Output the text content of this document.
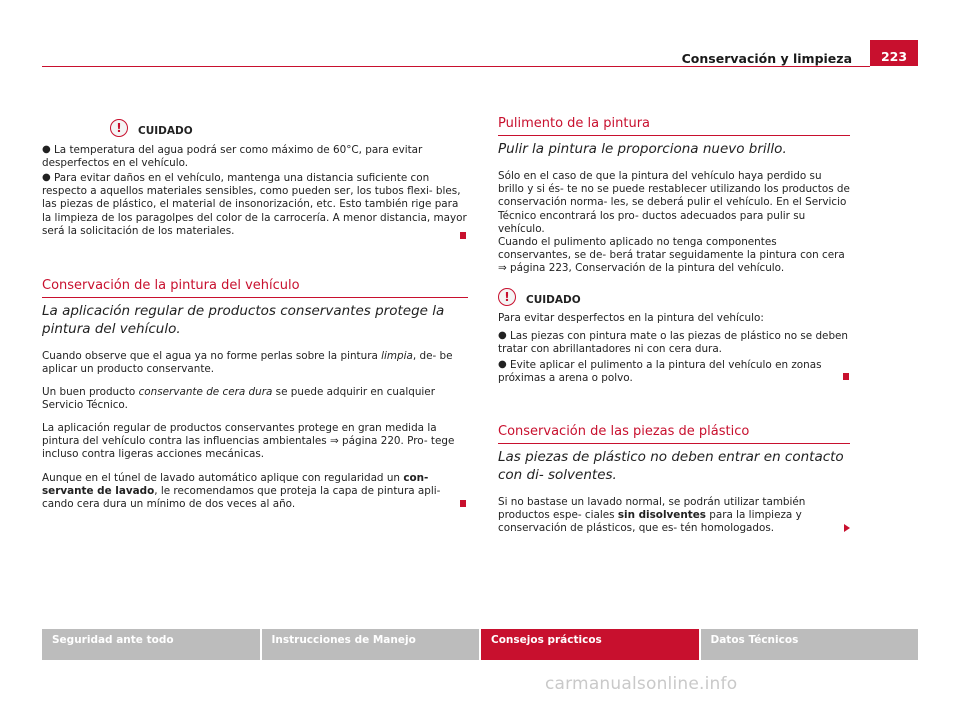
Conservación y limpieza	223
!	CUIDADO
● La temperatura del agua podrá ser como máximo de 60°C, para evitar desperfectos en el vehículo.

● Para evitar daños en el vehículo, mantenga una distancia suficiente con respecto a aquellos materiales sensibles, como pueden ser, los tubos flexi- bles, las piezas de plástico, el material de insonorización, etc. Esto también rige para la limpieza de los paragolpes del color de la carrocería. A menor distancia, mayor será la solicitación de los materiales.

Conservación de la pintura del vehículo
La aplicación regular de productos conservantes protege la pintura del vehículo.

Cuando observe que el agua ya no forme perlas sobre la pintura limpia, de- be aplicar un producto conservante.

Un buen producto conservante de cera dura se puede adquirir en cualquier Servicio Técnico.

La aplicación regular de productos conservantes protege en gran medida la pintura del vehículo contra las influencias ambientales ⇒ página 220. Pro- tege incluso contra ligeras acciones mecánicas.

Aunque en el túnel de lavado automático aplique con regularidad un con- servante de lavado, le recomendamos que proteja la capa de pintura apli- cando cera dura un mínimo de dos veces al año.

Pulimento de la pintura
Pulir la pintura le proporciona nuevo brillo.

Sólo en el caso de que la pintura del vehículo haya perdido su brillo y si és- te no se puede restablecer utilizando los productos de conservación norma- les, se deberá pulir el vehículo. En el Servicio Técnico encontrará los pro- ductos adecuados para pulir su vehículo.

Cuando el pulimento aplicado no tenga componentes conservantes, se de- berá tratar seguidamente la pintura con cera ⇒ página 223, Conservación de la pintura del vehículo.

!	CUIDADO

Para evitar desperfectos en la pintura del vehículo:

● Las piezas con pintura mate o las piezas de plástico no se deben tratar con abrillantadores ni con cera dura.

● Evite aplicar el pulimento a la pintura del vehículo en zonas próximas a arena o polvo.

Conservación de las piezas de plástico
Las piezas de plástico no deben entrar en contacto con di- solventes.

Si no bastase un lavado normal, se podrán utilizar también productos espe- ciales sin disolventes para la limpieza y conservación de plásticos, que es- tén homologados.

Seguridad ante todo	Instrucciones de Manejo	Consejos prácticos	Datos Técnicos
carmanualsonline.info
